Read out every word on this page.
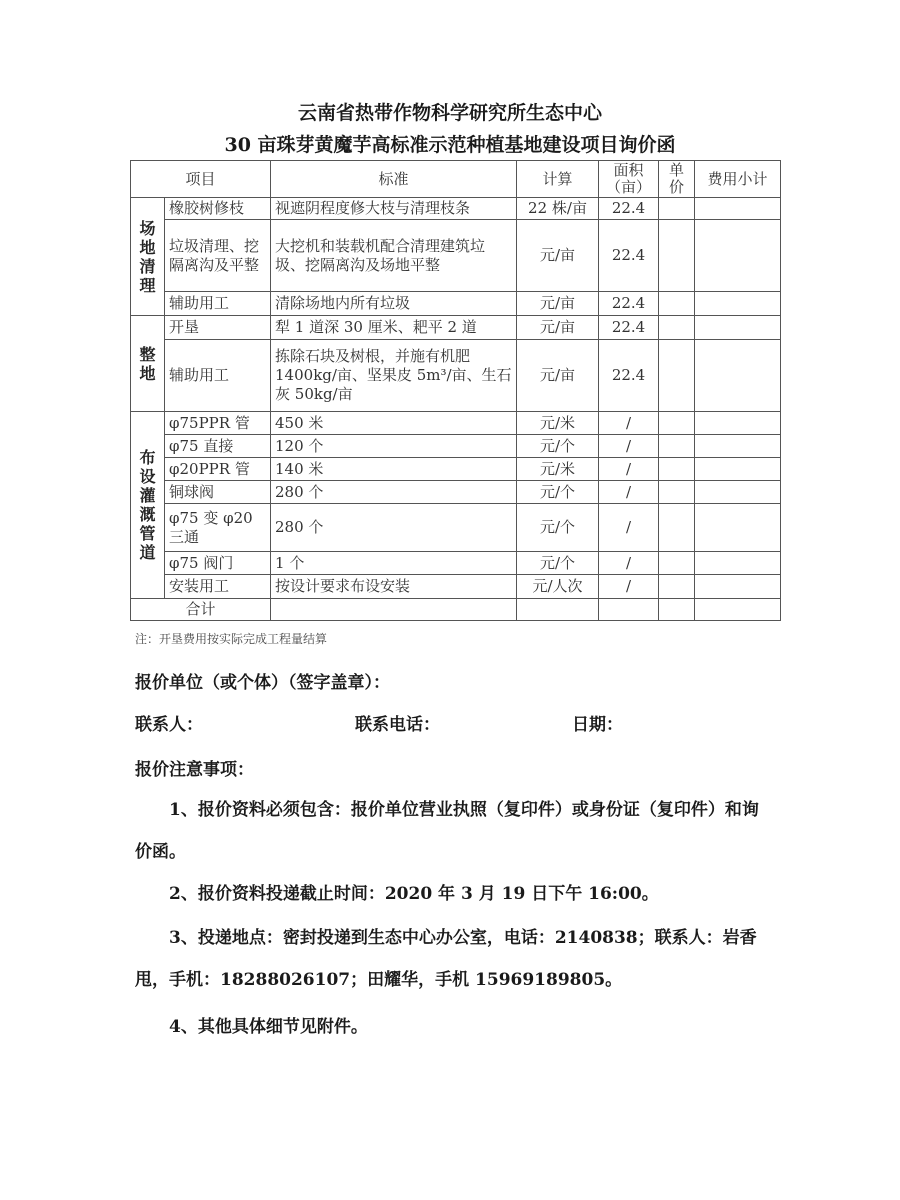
云南省热带作物科学研究所生态中心
30 亩珠芽黄魔芋高标准示范种植基地建设项目询价函
项目		标准	计算	面积（亩）	单价	费用小计
场地清理	橡胶树修枝	视遮阴程度修大枝与清理枝条	22 株/亩	22.4		
	垃圾清理、挖隔离沟及平整	大挖机和装载机配合清理建筑垃圾、挖隔离沟及场地平整	元/亩	22.4		
	辅助用工	清除场地内所有垃圾	元/亩	22.4		
整地	开垦	犁 1 道深 30 厘米、耙平 2 道	元/亩	22.4		
	辅助用工	拣除石块及树根，并施有机肥 1400kg/亩、坚果皮 5m³/亩、生石灰 50kg/亩	元/亩	22.4		
布设灌溉管道	φ75PPR 管	450 米	元/米	/		
	φ75 直接	120 个	元/个	/		
	φ20PPR 管	140 米	元/米	/		
	铜球阀	280 个	元/个	/		
	φ75 变 φ20 三通	280 个	元/个	/		
	φ75 阀门	1 个	元/个	/		
	安装用工	按设计要求布设安装	元/人次	/		
合计						
注：开垦费用按实际完成工程量结算
报价单位（或个体）（签字盖章）：
联系人：	联系电话：	日期：
报价注意事项：
1、报价资料必须包含：报价单位营业执照（复印件）或身份证（复印件）和询价函。
2、报价资料投递截止时间：2020 年 3 月 19 日下午 16:00。
3、投递地点：密封投递到生态中心办公室，电话：2140838；联系人：岩香甩，手机：18288026107；田耀华，手机 15969189805。
4、其他具体细节见附件。
